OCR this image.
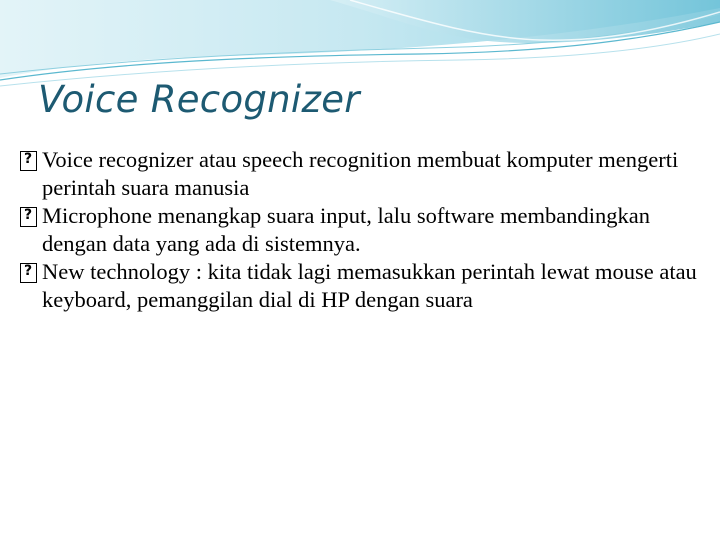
Voice Recognizer
?
Voice recognizer atau speech recognition membuat komputer mengerti perintah suara manusia
?
Microphone menangkap suara input, lalu software membandingkan dengan data yang ada di sistemnya.
?
New technology : kita tidak lagi memasukkan perintah lewat mouse atau keyboard, pemanggilan dial di HP dengan suara
